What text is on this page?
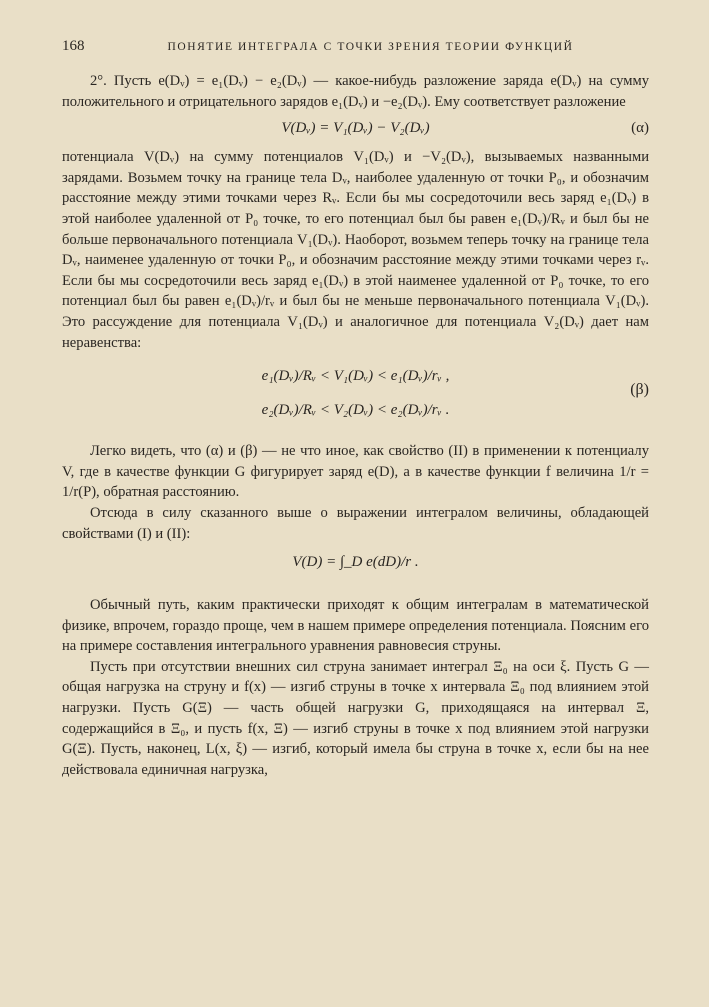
168	ПОНЯТИЕ ИНТЕГРАЛА С ТОЧКИ ЗРЕНИЯ ТЕОРИИ ФУНКЦИЙ

2°. Пусть e(Dᵥ) = e₁(Dᵥ) − e₂(Dᵥ) — какое-нибудь разложение заряда e(Dᵥ) на сумму положительного и отрицательного зарядов e₁(Dᵥ) и −e₂(Dᵥ). Ему соответствует разложение

V(Dᵥ) = V₁(Dᵥ) − V₂(Dᵥ)	(α)

потенциала V(Dᵥ) на сумму потенциалов V₁(Dᵥ) и −V₂(Dᵥ), вызываемых названными зарядами. Возьмем точку на границе тела Dᵥ, наиболее удаленную от точки P₀, и обозначим расстояние между этими точками через Rᵥ. Если бы мы сосредоточили весь заряд e₁(Dᵥ) в этой наиболее удаленной от P₀ точке, то его потенциал был бы равен e₁(Dᵥ)/Rᵥ и был бы не больше первоначального потенциала V₁(Dᵥ). Наоборот, возьмем теперь точку на границе тела Dᵥ, наименее удаленную от точки P₀, и обозначим расстояние между этими точками через rᵥ. Если бы мы сосредоточили весь заряд e₁(Dᵥ) в этой наименее удаленной от P₀ точке, то его потенциал был бы равен e₁(Dᵥ)/rᵥ и был бы не меньше первоначального потенциала V₁(Dᵥ). Это рассуждение для потенциала V₁(Dᵥ) и аналогичное для потенциала V₂(Dᵥ) дает нам неравенства:

e₁(Dᵥ)/Rᵥ < V₁(Dᵥ) < e₁(Dᵥ)/rᵥ ,
e₂(Dᵥ)/Rᵥ < V₂(Dᵥ) < e₂(Dᵥ)/rᵥ .
(β)

Легко видеть, что (α) и (β) — не что иное, как свойство (II) в применении к потенциалу V, где в качестве функции G фигурирует заряд e(D), а в качестве функции f величина 1/r = 1/r(P), обратная расстоянию.

Отсюда в силу сказанного выше о выражении интегралом величины, обладающей свойствами (I) и (II):

V(D) = ∫_D e(dD)/r .

Обычный путь, каким практически приходят к общим интегралам в математической физике, впрочем, гораздо проще, чем в нашем примере определения потенциала. Поясним его на примере составления интегрального уравнения равновесия струны.

Пусть при отсутствии внешних сил струна занимает интеграл Ξ₀ на оси ξ. Пусть G — общая нагрузка на струну и f(x) — изгиб струны в точке x интервала Ξ₀ под влиянием этой нагрузки. Пусть G(Ξ) — часть общей нагрузки G, приходящаяся на интервал Ξ, содержащийся в Ξ₀, и пусть f(x, Ξ) — изгиб струны в точке x под влиянием этой нагрузки G(Ξ). Пусть, наконец, L(x, ξ) — изгиб, который имела бы струна в точке x, если бы на нее действовала единичная нагрузка,
